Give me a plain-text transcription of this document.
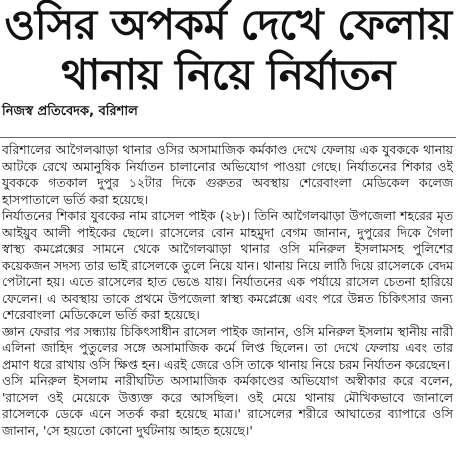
ওসির অপকর্ম দেখে ফেলায়
থানায় নিয়ে নির্যাতন
নিজস্ব প্রতিবেদক, বরিশাল

বরিশালের আগৈলঝাড়া থানার ওসির অসামাজিক কর্মকাণ্ড দেখে ফেলায় এক যুবককে থানায় আটকে রেখে অমানুষিক নির্যাতন চালানোর অভিযোগ পাওয়া গেছে। নির্যাতনের শিকার ওই যুবককে গতকাল দুপুর ১২টার দিকে গুরুতর অবস্থায় শেরেবাংলা মেডিকেল কলেজ হাসপাতালে ভর্তি করা হয়েছে।

নির্যাতনের শিকার যুবকের নাম রাসেল পাইক (২৮)। তিনি আগৈলঝাড়া উপজেলা শহরের মৃত আইয়ুব আলী পাইকের ছেলে। রাসেলের বোন মাহমুদা বেগম জানান, দুপুরের দিকে গৈলা স্বাস্থ্য কমপ্লেক্সের সামনে থেকে আগৈলঝাড়া থানার ওসি মনিরুল ইসলামসহ পুলিশের কয়েকজন সদস্য তার ভাই রাসেলকে তুলে নিয়ে যান। থানায় নিয়ে লাঠি দিয়ে রাসেলকে বেদম পেটানো হয়। এতে রাসেলের হাত ভেঙে যায়। নির্যাতনের এক পর্যায়ে রাসেল চেতনা হারিয়ে ফেলেন। এ অবস্থায় তাকে প্রথমে উপজেলা স্বাস্থ্য কমপ্লেক্সে এবং পরে উন্নত চিকিৎসার জন্য শেরেবাংলা মেডিকেলে ভর্তি করা হয়েছে।

জ্ঞান ফেরার পর সন্ধ্যায় চিকিৎসাধীন রাসেল পাইক জানান, ওসি মনিরুল ইসলাম স্থানীয় নারী এলিনা জাহিদ পুতুলের সঙ্গে অসামাজিক কর্মে লিপ্ত ছিলেন। তা দেখে ফেলায় এবং তার প্রমাণ ধরে রাখায় ওসি ক্ষিপ্ত হন। এরই জেরে ওসি তাকে থানায় নিয়ে চরম নির্যাতন করেছেন।

ওসি মনিরুল ইসলাম নারীঘটিত অসামাজিক কর্মকাণ্ডের অভিযোগ অস্বীকার করে বলেন, 'রাসেল ওই মেয়েকে উত্ত্যক্ত করে আসছিল। ওই মেয়ে থানায় মৌখিকভাবে জানালে রাসেলকে ডেকে এনে সতর্ক করা হয়েছে মাত্র।' রাসেলের শরীরে আঘাতের ব্যাপারে ওসি জানান, 'সে হয়তো কোনো দুর্ঘটনায় আহত হয়েছে।'
